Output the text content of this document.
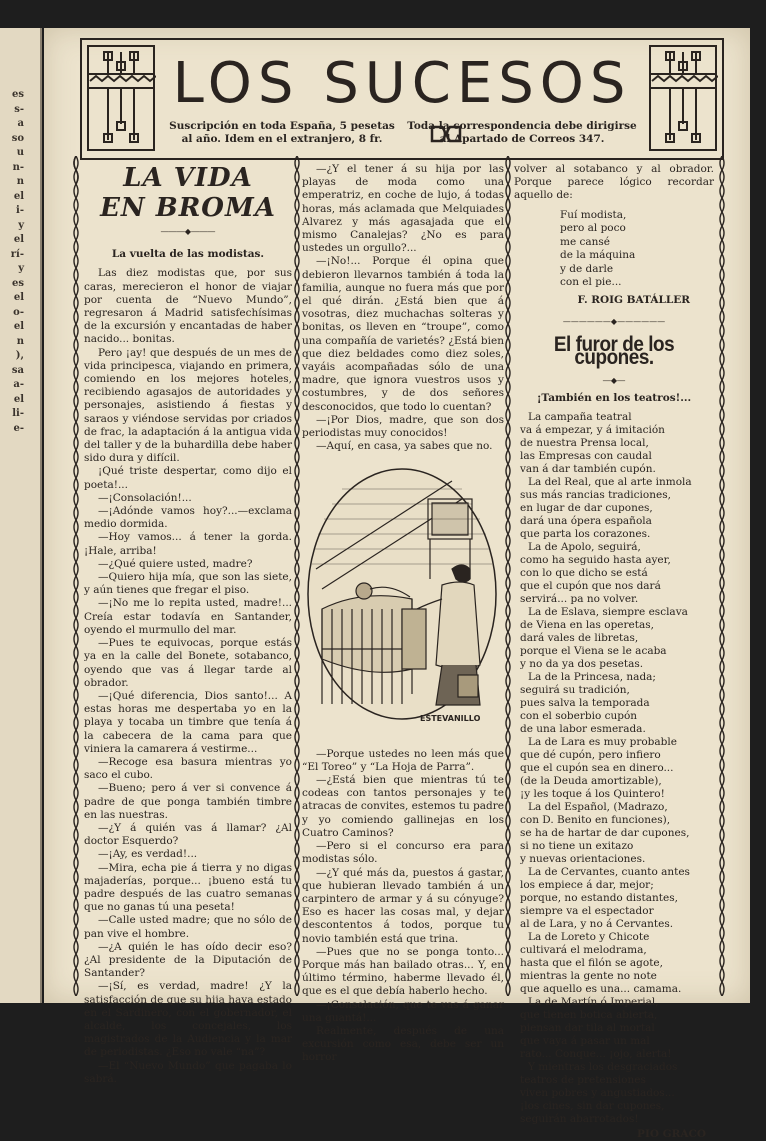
es
s-
a
so
u
n-
n
el
i-
y
el
rí-
y
es
el
o-
el
n
),
sa
a-
el
li-
e-
LOS SUCESOS
Suscripción en toda España, 5 pesetas al año. Idem en el extranjero, 8 fr.
Toda la correspondencia debe dirigirse al Apartado de Correos 347.
LA VIDA
EN BROMA
―――◆―――
La vuelta de las modistas.

Las diez modistas que, por sus caras, merecieron el honor de viajar por cuenta de “Nuevo Mundo”, regresaron á Madrid satisfechísimas de la excursión y encantadas de haber nacido... bonitas.

Pero ¡ay! que después de un mes de vida principesca, viajando en primera, comiendo en los mejores hoteles, recibiendo agasajos de autoridades y personajes, asistiendo á fiestas y saraos y viéndose servidas por criados de frac, la adaptación á la antigua vida del taller y de la buhardilla debe haber sido dura y difícil.

¡Qué triste despertar, como dijo el poeta!...

—¡Consolación!...

—¡Adónde vamos hoy?...—exclama medio dormida.

—Hoy vamos... á tener la gorda. ¡Hale, arriba!

—¿Qué quiere usted, madre?

—Quiero hija mía, que son las siete, y aún tienes que fregar el piso.

—¡No me lo repita usted, madre!... Creía estar todavía en Santander, oyendo el murmullo del mar.

—Pues te equivocas, porque estás ya en la calle del Bonete, sotabanco, oyendo que vas á llegar tarde al obrador.

—¡Qué diferencia, Dios santo!... A estas horas me despertaba yo en la playa y tocaba un timbre que tenía á la cabecera de la cama para que viniera la camarera á vestirme...

—Recoge esa basura mientras yo saco el cubo.

—Bueno; pero á ver si convence á padre de que ponga también timbre en las nuestras.

—¿Y á quién vas á llamar? ¿Al doctor Esquerdo?

—¡Ay, es verdad!...

—Mira, echa pie á tierra y no digas majaderías, porque... ¡bueno está tu padre después de las cuatro semanas que no ganas tú una peseta!

—Calle usted madre; que no sólo de pan vive el hombre.

—¿A quién le has oído decir eso? ¿Al presidente de la Diputación de Santander?

—¡Sí, es verdad, madre! ¿Y la satisfacción de que su hija haya estado en el Sardinero, con el gobernador, el alcalde, los concejales, los magistrados de la Audiencia y la mar de periodistas. ¿Eso no vale “na”?

—El “Nuevo Mundo” que pagaba lo sabrá.

—¿Y el tener á su hija por las playas de moda como una emperatriz, en coche de lujo, á todas horas, más aclamada que Melquiades Alvarez y más agasajada que el mismo Canalejas? ¿No es para ustedes un orgullo?...

—¡No!... Porque él opina que debieron llevarnos también á toda la familia, aunque no fuera más que por el qué dirán. ¿Está bien que á vosotras, diez muchachas solteras y bonitas, os lleven en “troupe”, como una compañía de varietés? ¿Está bien que diez beldades como diez soles, vayáis acompañadas sólo de una madre, que ignora vuestros usos y costumbres, y de dos señores desconocidos, que todo lo cuentan?

—¡Por Dios, madre, que son dos periodistas muy conocidos!

—Aquí, en casa, ya sabes que no.

ESTEVANILLO

—Porque ustedes no leen más que “El Toreo” y “La Hoja de Parra”.

—¿Está bien que mientras tú te codeas con tantos personajes y te atracas de convites, estemos tu padre y yo comiendo gallinejas en los Cuatro Caminos?

—Pero si el concurso era para modistas sólo.

—¿Y qué más da, puestos á gastar, que hubieran llevado también á un carpintero de armar y á su cónyuge? Eso es hacer las cosas mal, y dejar descontentos á todos, porque tu novio también está que trina.

—Pues que no se ponga tonto... Porque más han bailado otras... Y, en último término, haberme llevado él, que es el que debía haberlo hecho.

—¡Consolación, que te vas á ganar una guantá!...

Realmente, después de una excursión como esa, debe ser un horror

volver al sotabanco y al obrador. Porque parece lógico recordar aquello de:

Fuí modista,
pero al poco
me cansé
de la máquina
y de darle
con el pie...
F. ROIG BATÁLLER
——————◆——————
El furor de los cupones.
―◆―
¡También en los teatros!...
La campaña teatral
va á empezar, y á imitación
de nuestra Prensa local,
las Empresas con caudal
van á dar también cupón.
La del Real, que al arte inmola
sus más rancias tradiciones,
en lugar de dar cupones,
dará una ópera española
que parta los corazones.
La de Apolo, seguirá,
como ha seguido hasta ayer,
con lo que dicho se está
que el cupón que nos dará
servirá... pa no volver.
La de Eslava, siempre esclava
de Viena en las operetas,
dará vales de libretas,
porque el Viena se le acaba
y no da ya dos pesetas.
La de la Princesa, nada;
seguirá su tradición,
pues salva la temporada
con el soberbio cupón
de una labor esmerada.
La de Lara es muy probable
que dé cupón, pero infiero
que el cupón sea en dinero...
(de la Deuda amortizable),
¡y les toque á los Quintero!
La del Español, (Madrazo,
con D. Benito en funciones),
se ha de hartar de dar cupones,
si no tiene un exitazo
y nuevas orientaciones.
La de Cervantes, cuanto antes
los empiece á dar, mejor;
porque, no estando distantes,
siempre va el espectador
al de Lara, y no á Cervantes.
La de Loreto y Chicote
cultivará el melodrama,
hasta que el filón se agote,
mientras la gente no note
que aquello es una... camama.
La de Martín ó Imperial,
que tienen botica abierta,
piensan dar tila al mortal
que vaya á pasar un mal
rato... Conque... ¡ojo, alerta!
Y mientras los desgraciados
teatros de pretensiones
viven pobres y angustiados...
¡los cines, sin dar cupones,
seguirán abarrotados!
PIO GRACO
